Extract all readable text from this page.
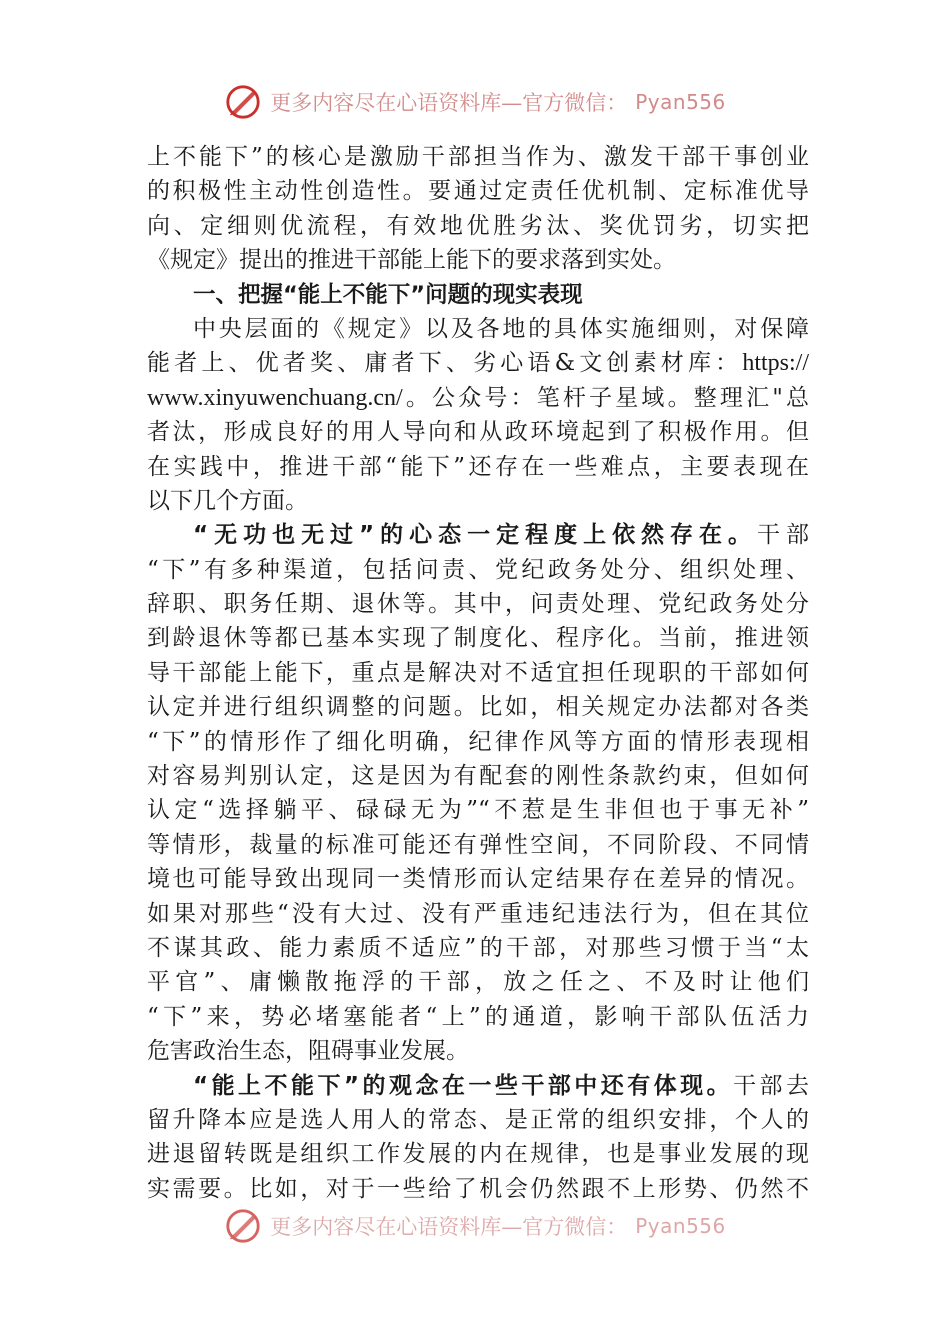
更多内容尽在心语资料库—官方微信： Pyan556
上不能下”的核心是激励干部担当作为、激发干部干事创业
的积极性主动性创造性。要通过定责任优机制、定标准优导
向、定细则优流程，有效地优胜劣汰、奖优罚劣，切实把
《规定》提出的推进干部能上能下的要求落到实处。
一、把握“能上不能下”问题的现实表现
中央层面的《规定》以及各地的具体实施细则，对保障
能者上、优者奖、庸者下、劣心语&文创素材库：https://
www.xinyuwenchuang.cn/。公众号：笔杆子星域。整理汇"总
者汰，形成良好的用人导向和从政环境起到了积极作用。但
在实践中，推进干部“能下”还存在一些难点，主要表现在
以下几个方面。
“无功也无过”的心态一定程度上依然存在。干部
“下”有多种渠道，包括问责、党纪政务处分、组织处理、
辞职、职务任期、退休等。其中，问责处理、党纪政务处分
到龄退休等都已基本实现了制度化、程序化。当前，推进领
导干部能上能下，重点是解决对不适宜担任现职的干部如何
认定并进行组织调整的问题。比如，相关规定办法都对各类
“下”的情形作了细化明确，纪律作风等方面的情形表现相
对容易判别认定，这是因为有配套的刚性条款约束，但如何
认定“选择躺平、碌碌无为”“不惹是生非但也于事无补”
等情形，裁量的标准可能还有弹性空间，不同阶段、不同情
境也可能导致出现同一类情形而认定结果存在差异的情况。
如果对那些“没有大过、没有严重违纪违法行为，但在其位
不谋其政、能力素质不适应”的干部，对那些习惯于当“太
平官”、庸懒散拖浮的干部，放之任之、不及时让他们
“下”来，势必堵塞能者“上”的通道，影响干部队伍活力
危害政治生态，阻碍事业发展。
“能上不能下”的观念在一些干部中还有体现。干部去
留升降本应是选人用人的常态、是正常的组织安排，个人的
进退留转既是组织工作发展的内在规律，也是事业发展的现
实需要。比如，对于一些给了机会仍然跟不上形势、仍然不
更多内容尽在心语资料库—官方微信： Pyan556
